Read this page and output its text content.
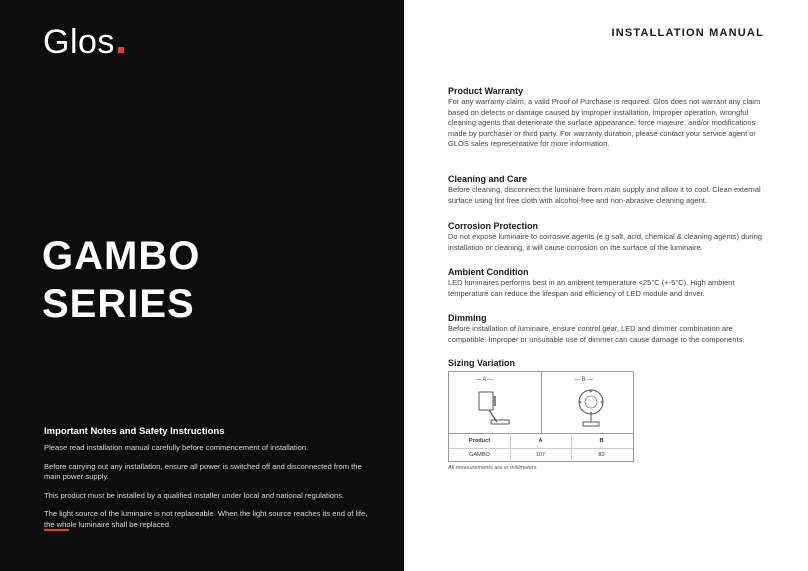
Glos
GAMBO
SERIES
Important Notes and Safety Instructions

Please read installation manual carefully before commencement of installation.

Before carrying out any installation, ensure all power is switched off and disconnected from the main power supply.

This product must be installed by a qualified installer under local and national regulations.

The light source of the luminaire is not replaceable. When the light source reaches its end of life, the whole luminaire shall be replaced.

INSTALLATION MANUAL
Product Warranty

For any warranty claim, a valid Proof of Purchase is required. Glos does not warrant any claim based on defects or damage caused by improper installation, improper operation, wrongful cleaning agents that deteriorate the surface appearance, force majeure, and/or modifications made by purchaser or third party. For warranty duration, please contact your service agent or GLOS sales representative for more information.

Cleaning and Care

Before cleaning, disconnect the luminaire from main supply and allow it to cool. Clean external surface using lint free cloth with alcohol-free and non-abrasive cleaning agent.

Corrosion Protection

Do not expose luminaire to corrosive agents (e.g salt, acid, chemical & cleaning agents) during installation or cleaning, it will cause corrosion on the surface of the luminaire.

Ambient Condition

LED luminaires performs best in an ambient temperature <25°C (+-5°C). High ambient temperature can reduce the lifespan and efficiency of LED module and driver.

Dimming

Before installation of luminaire, ensure control gear, LED and dimmer combination are compatible. Improper or unsuitable use of dimmer can cause damage to the components.

Sizing Variation
— A —	— B —
Product	A	B
GAMBO	107	83
All measurements are in millimeters.
